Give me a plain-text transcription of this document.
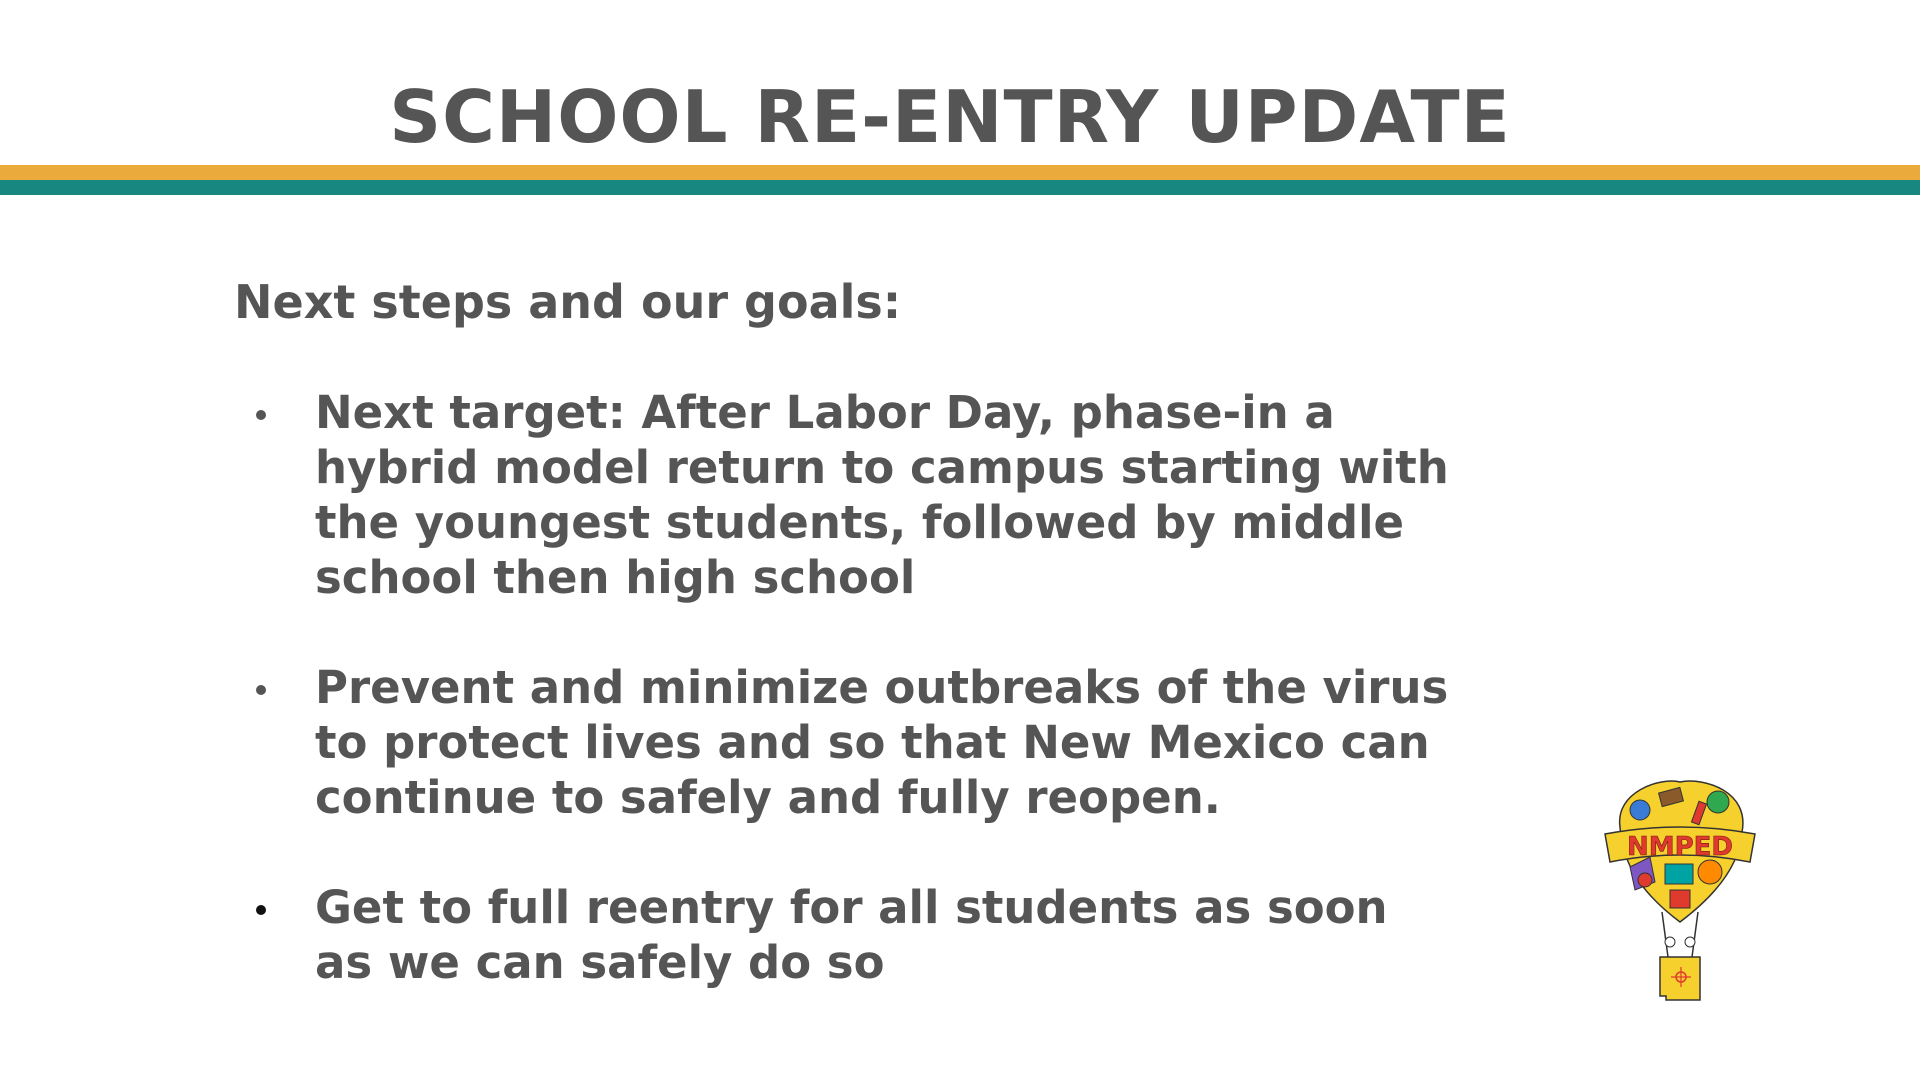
SCHOOL RE-ENTRY UPDATE
Next steps and our goals:
Next target: After Labor Day, phase-in a hybrid model return to campus starting with the youngest students, followed by middle school then high school
Prevent and minimize outbreaks of the virus to protect lives and so that New Mexico can continue to safely and fully reopen.
Get to full reentry for all students as soon as we can safely do so
NMPED
